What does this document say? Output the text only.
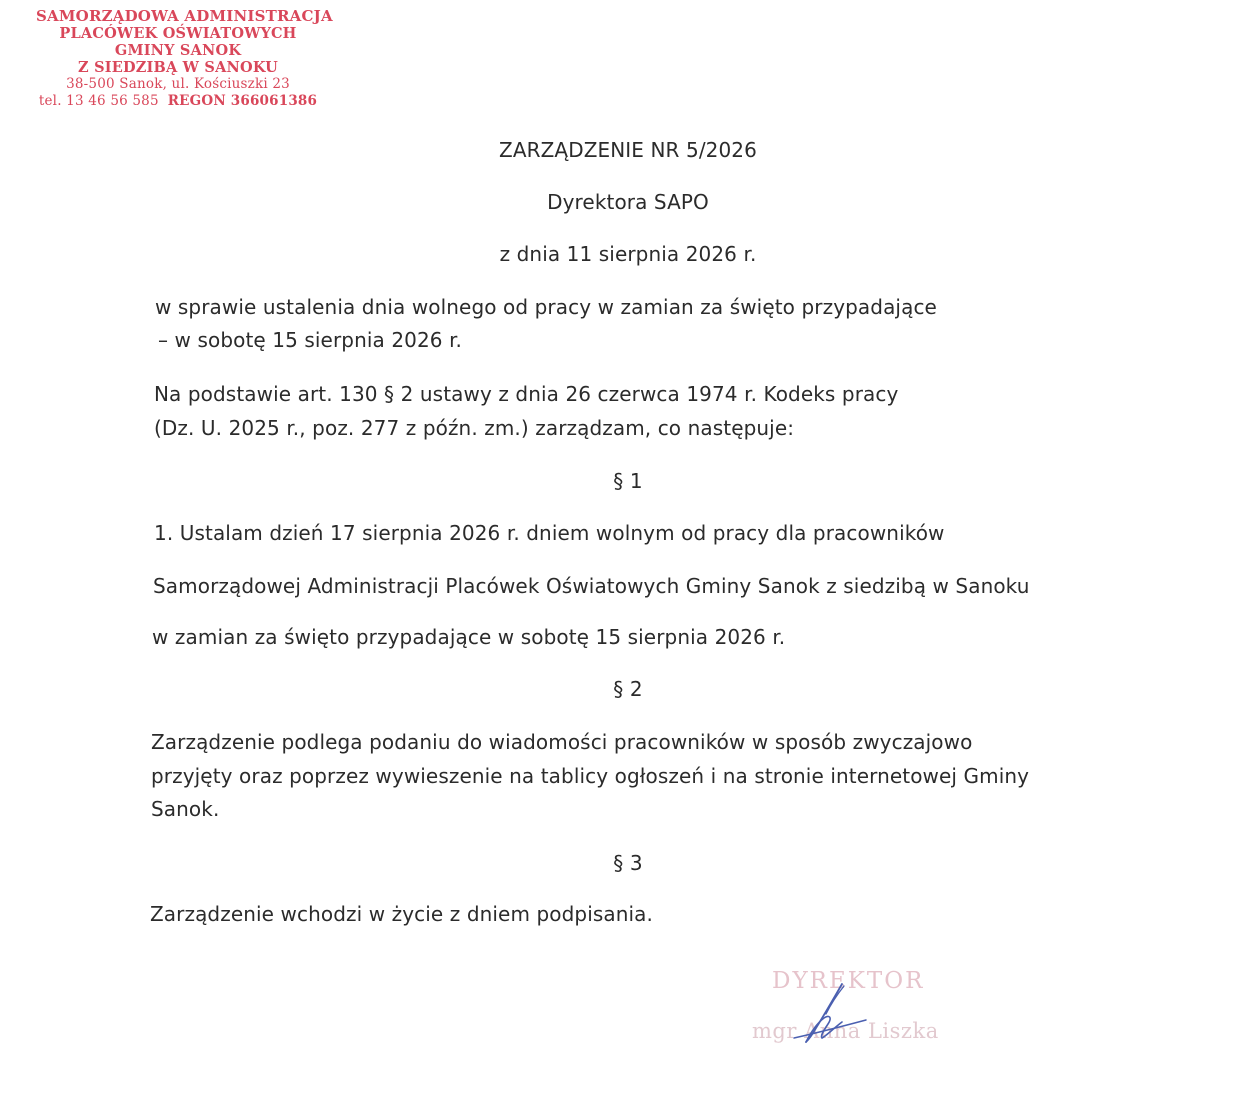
SAMORZĄDOWA ADMINISTRACJA
PLACÓWEK OŚWIATOWYCH
GMINY SANOK
Z SIEDZIBĄ W SANOKU
38-500 Sanok, ul. Kościuszki 23
tel. 13 46 56 585 REGON 366061386
ZARZĄDZENIE NR 5/2026
Dyrektora SAPO
z dnia 11 sierpnia 2026 r.
w sprawie ustalenia dnia wolnego od pracy w zamian za święto przypadające
– w sobotę 15 sierpnia 2026 r.
Na podstawie art. 130 § 2 ustawy z dnia 26 czerwca 1974 r. Kodeks pracy
(Dz. U. 2025 r., poz. 277 z późn. zm.) zarządzam, co następuje:
§ 1
1. Ustalam dzień 17 sierpnia 2026 r. dniem wolnym od pracy dla pracowników
Samorządowej Administracji Placówek Oświatowych Gminy Sanok z siedzibą w Sanoku
w zamian za święto przypadające w sobotę 15 sierpnia 2026 r.
§ 2
Zarządzenie podlega podaniu do wiadomości pracowników w sposób zwyczajowo
przyjęty oraz poprzez wywieszenie na tablicy ogłoszeń i na stronie internetowej Gminy
Sanok.
§ 3
Zarządzenie wchodzi w życie z dniem podpisania.
DYREKTOR
mgr Anna Liszka
